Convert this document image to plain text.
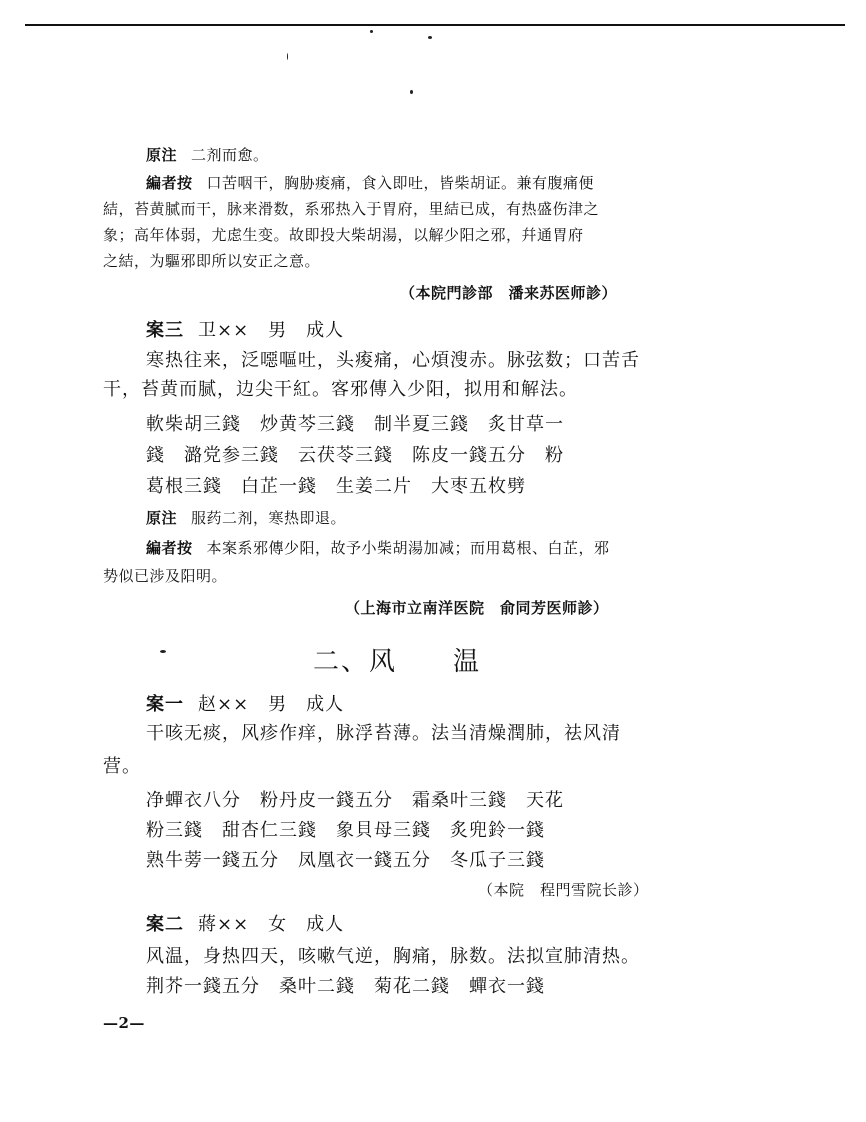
原注 二剂而愈。
編者按 口苦咽干，胸胁痠痛，食入即吐，皆柴胡证。兼有腹痛便
結，苔黄腻而干，脉来滑数，系邪热入于胃府，里結已成，有热盛伤津之
象；高年体弱，尤虑生变。故即投大柴胡湯，以解少阳之邪，幷通胃府
之結，为驅邪即所以安正之意。
（本院門診部　潘来苏医师診）
案三 卫××　男　成人
寒热往来，泛噁嘔吐，头痠痛，心煩溲赤。脉弦数；口苦舌
干，苔黄而腻，边尖干紅。客邪傳入少阳，拟用和解法。
軟柴胡三錢　炒黄芩三錢　制半夏三錢　炙甘草一
錢　潞党参三錢　云茯苓三錢　陈皮一錢五分　粉
葛根三錢　白芷一錢　生姜二片　大枣五枚劈
原注 服药二剂，寒热即退。
編者按 本案系邪傳少阳，故予小柴胡湯加减；而用葛根、白芷，邪
势似已涉及阳明。
（上海市立南洋医院　俞同芳医师診）
二、风　　温
案一 赵××　男　成人
干咳无痰，风疹作痒，脉浮苔薄。法当清燥潤肺，祛风清
营。
净蟬衣八分　粉丹皮一錢五分　霜桑叶三錢　天花
粉三錢　甜杏仁三錢　象貝母三錢　炙兜鈴一錢
熟牛蒡一錢五分　凤凰衣一錢五分　冬瓜子三錢
（本院　程門雪院长診）
案二 蔣××　女　成人
风温，身热四天，咳嗽气逆，胸痛，脉数。法拟宣肺清热。
荆芥一錢五分　桑叶二錢　菊花二錢　蟬衣一錢
—2—
